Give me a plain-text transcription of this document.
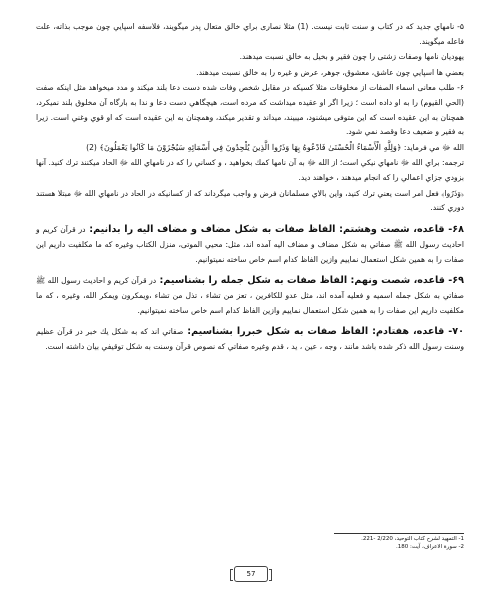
۵- نامهاي جديد كه در كتاب و سنت ثابت نيست. (1) مثلا نصارى براي خالق متعال پدر ميگويند، فلاسفه اسپايي چون موجب بذاته، علت فاعله ميگويند.

يهوديان نامها وصفات زشتى را چون فقير و بخيل به خالق نسبت ميدهند.

بعضي ها اسپايي چون عاشق، معشوق، جوهر، عرض و غيره را به خالق نسبت ميدهند.

۶- طلب معانى اسماء الصفات از مخلوقات مثلا كسيكه در مقابل شخص وفات شده دست دعا بلند ميكند و مدد ميخواهد مثل اينكه صفت (الحي القيوم) را به او داده است ؛ زيرا اگر او عقيده ميداشت كه مرده است، هيچگاهي دست دعا و ندا به بارگاه آن مخلوق بلند نميكرد، همچنان به اين عقيده است كه اين متوفى ميشنود، ميبيند، ميداند و تقدير ميكند، وهمچنان به اين عقيده است كه او قوي وغني است. زيرا به فقير و ضعيف دعا وقصد نمي شود.

الله ﷻ مي فرمايد: ﴿وَلِلَّهِ الْأَسْمَاءُ الْحُسْنَىٰ فَادْعُوهُ بِهَا وَذَرُوا الَّذِينَ يُلْحِدُونَ فِي أَسْمَائِهِ سَيُجْزَوْنَ مَا كَانُوا يَعْمَلُونَ﴾ (2)

ترجمه: براي الله ﷻ نامهاي نيكي است؛ از الله ﷻ به آن نامها كمك بخواهيد ، و كساني را كه در نامهاي الله ﷻ الحاد ميكنند ترك كنيد. آنها بزودي جزاي اعمالي را كه انجام ميدهند ، خواهند ديد.

﴿وَذَرُوا﴾ فعل امر است يعني ترك كنيد، واين بالاي مسلمانان فرض و واجب ميگرداند كه از كسانيكه در الحاد در نامهاي الله ﷻ مبتلا هستند دوري كنند.

۶۸- قاعده، شصت وهشتم: الفاظ صفات به شكل مضاف و مضاف اليه را بدانيم: در قرآن كريم و احاديث رسول الله ﷺ صفاتي به شكل مضاف و مضاف اليه آمده اند، مثل: محيي الموتى، منزل الكتاب وغيره كه ما مكلفيت داريم اين صفات را به همين شكل استعمال نماييم وازين الفاظ كدام اسم خاص ساخته نميتوانيم.

۶۹- قاعده، شصت ونهم: الفاظ صفات به شكل جمله را بشناسيم: در قرآن كريم و احاديث رسول الله ﷺ صفاتي به شكل جمله اسميه و فعليه آمده اند، مثل عدو للكافرين ، تعز من تشاء ، تذل من تشاء ،ويمكرون ويمكر الله، وغيره ، كه ما مكلفيت داريم اين صفات را به همين شكل استعمال نماييم وازين الفاظ كدام اسم خاص ساخته نميتوانيم.

۷۰- قاعده، هفتادم: الفاظ صفات به شكل خبررا بشناسيم: صفاتي اند كه به شكل يك خبر در قرآن عظيم وسنت رسول الله ذكر شده باشد مانند ، وجه ، عين ، يد ، قدم وغيره صفاتي كه نصوص قرآن وسنت به شكل توقيفي بيان داشته است.

1- التمهيد لشرح كتاب التوحيد، 2/220 -221.
2- سورة الاعراف، آيت: 180.
57
